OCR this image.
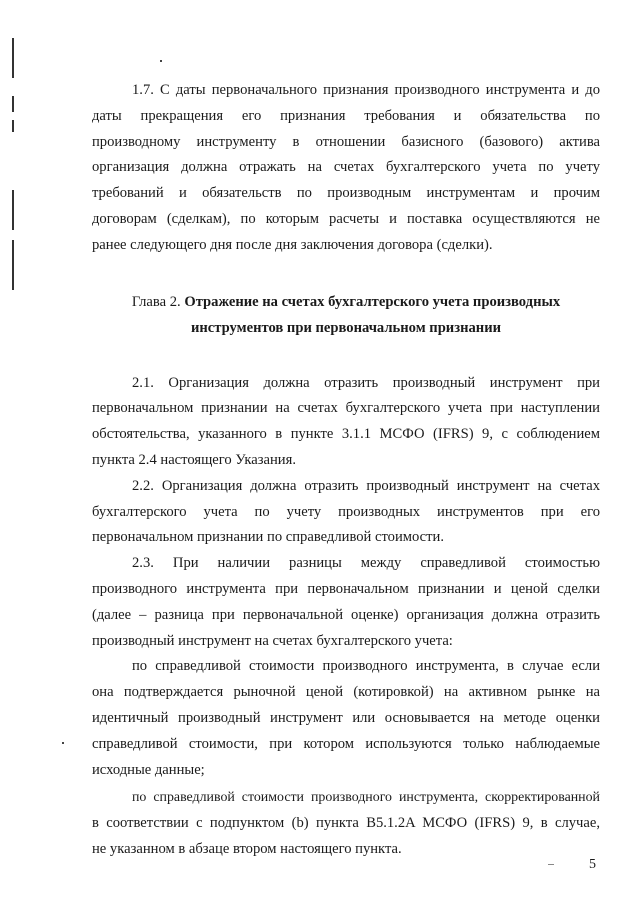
1.7. С даты первоначального признания производного инструмента и до
даты прекращения его признания требования и обязательства по
производному инструменту в отношении базисного (базового) актива
организация должна отражать на счетах бухгалтерского учета по учету
требований и обязательств по производным инструментам и прочим
договорам (сделкам), по которым расчеты и поставка осуществляются не
ранее следующего дня после дня заключения договора (сделки).
Глава 2. Отражение на счетах бухгалтерского учета производных
инструментов при первоначальном признании
2.1. Организация должна отразить производный инструмент при
первоначальном признании на счетах бухгалтерского учета при наступлении
обстоятельства, указанного в пункте 3.1.1 МСФО (IFRS) 9, с соблюдением
пункта 2.4 настоящего Указания.
2.2. Организация должна отразить производный инструмент на счетах
бухгалтерского учета по учету производных инструментов при его
первоначальном признании по справедливой стоимости.
2.3. При наличии разницы между справедливой стоимостью
производного инструмента при первоначальном признании и ценой сделки
(далее – разница при первоначальной оценке) организация должна отразить
производный инструмент на счетах бухгалтерского учета:
по справедливой стоимости производного инструмента, в случае если
она подтверждается рыночной ценой (котировкой) на активном рынке на
идентичный производный инструмент или основывается на методе оценки
справедливой стоимости, при котором используются только наблюдаемые
исходные данные;
по справедливой стоимости производного инструмента, скорректированной
в соответствии с подпунктом (b) пункта B5.1.2A МСФО (IFRS) 9, в случае,
не указанном в абзаце втором настоящего пункта.
5
